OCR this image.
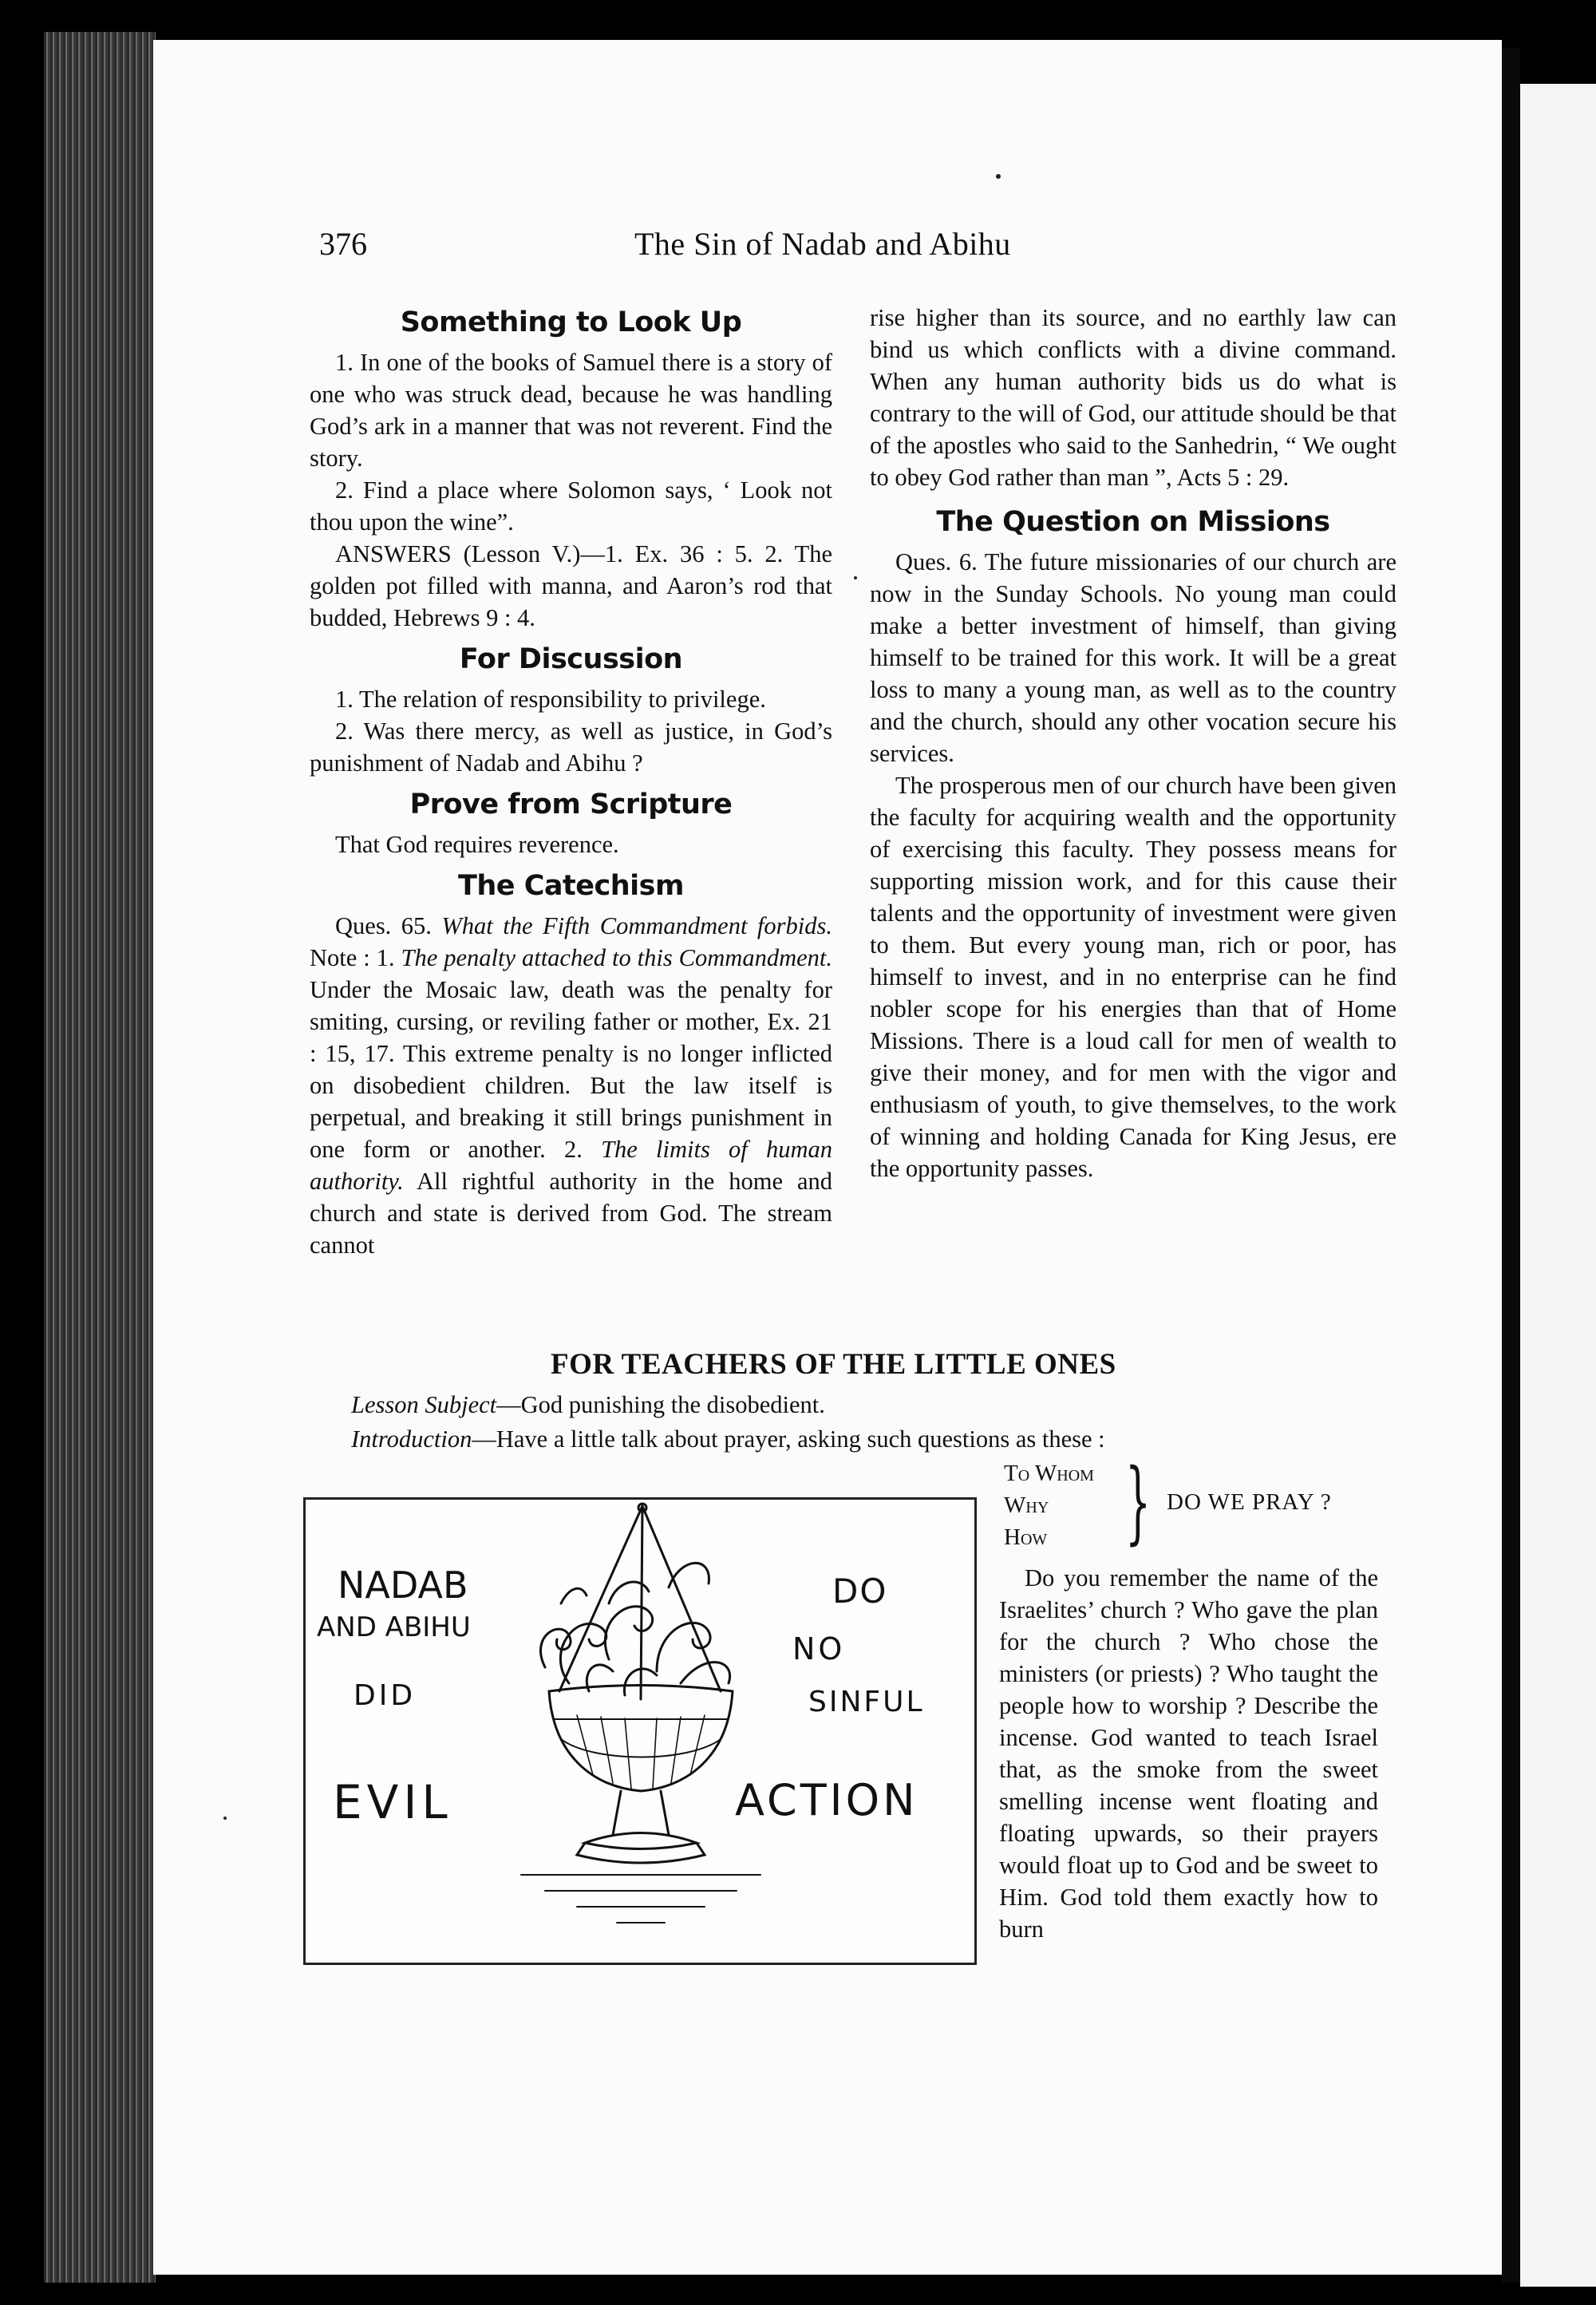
376	The Sin of Nadab and Abihu
Something to Look Up

1. In one of the books of Samuel there is a story of one who was struck dead, because he was handling God’s ark in a manner that was not reverent. Find the story.

2. Find a place where Solomon says, ‘ Look not thou upon the wine”.

ANSWERS (Lesson V.)—1. Ex. 36 : 5. 2. The golden pot filled with manna, and Aaron’s rod that budded, Hebrews 9 : 4.

For Discussion

1. The relation of responsibility to privilege.

2. Was there mercy, as well as justice, in God’s punishment of Nadab and Abihu ?

Prove from Scripture

That God requires reverence.

The Catechism

Ques. 65. What the Fifth Commandment forbids. Note : 1. The penalty attached to this Commandment. Under the Mosaic law, death was the penalty for smiting, cursing, or reviling father or mother, Ex. 21 : 15, 17. This extreme penalty is no longer inflicted on disobedient children. But the law itself is perpetual, and breaking it still brings punishment in one form or another. 2. The limits of human authority. All rightful authority in the home and church and state is derived from God. The stream cannot

rise higher than its source, and no earthly law can bind us which conflicts with a divine command. When any human authority bids us do what is contrary to the will of God, our attitude should be that of the apostles who said to the Sanhedrin, “ We ought to obey God rather than man ”, Acts 5 : 29.

The Question on Missions

Ques. 6. The future missionaries of our church are now in the Sunday Schools. No young man could make a better investment of himself, than giving himself to be trained for this work. It will be a great loss to many a young man, as well as to the country and the church, should any other vocation secure his services.

The prosperous men of our church have been given the faculty for acquiring wealth and the opportunity of exercising this faculty. They possess means for supporting mission work, and for this cause their talents and the opportunity of investment were given to them. But every young man, rich or poor, has himself to invest, and in no enterprise can he find nobler scope for his energies than that of Home Missions. There is a loud call for men of wealth to give their money, and for men with the vigor and enthusiasm of youth, to give themselves, to the work of winning and holding Canada for King Jesus, ere the opportunity passes.

FOR TEACHERS OF THE LITTLE ONES
Lesson Subject—God punishing the disobedient.
Introduction—Have a little talk about prayer, asking such questions as these :
To Whom
Why
How } DO WE PRAY ?

Do you remember the name of the Israelites’ church ? Who gave the plan for the church ? Who chose the ministers (or priests) ? Who taught the people how to worship ? Describe the incense. God wanted to teach Israel that, as the smoke from the sweet smelling incense went floating and floating upwards, so their prayers would float up to God and be sweet to Him. God told them exactly how to burn

NADAB
AND ABIHU
DID
EVIL
DO
NO
SINFUL
ACTION
